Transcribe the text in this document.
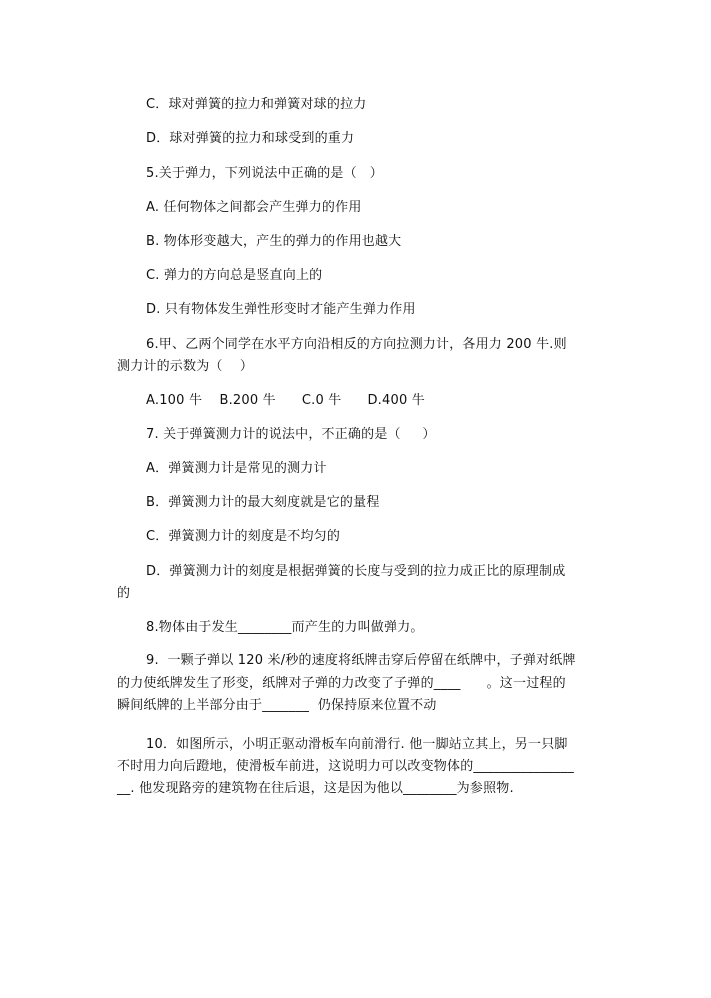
C．球对弹簧的拉力和弹簧对球的拉力
D．球对弹簧的拉力和球受到的重力
5.关于弹力，下列说法中正确的是（   ）
A. 任何物体之间都会产生弹力的作用
B. 物体形变越大，产生的弹力的作用也越大
C. 弹力的方向总是竖直向上的
D. 只有物体发生弹性形变时才能产生弹力作用
6.甲、乙两个同学在水平方向沿相反的方向拉测力计，各用力 200 牛.则
测力计的示数为（    ）
A.100 牛    B.200 牛      C.0 牛      D.400 牛
7. 关于弹簧测力计的说法中，不正确的是（     ）
A．弹簧测力计是常见的测力计
B．弹簧测力计的最大刻度就是它的量程
C．弹簧测力计的刻度是不均匀的
D．弹簧测力计的刻度是根据弹簧的长度与受到的拉力成正比的原理制成
的
8.物体由于发生________而产生的力叫做弹力。
9.  一颗子弹以 120 米/秒的速度将纸牌击穿后停留在纸牌中，子弹对纸牌
的力使纸牌发生了形变，纸牌对子弹的力改变了子弹的____      。这一过程的
瞬间纸牌的上半部分由于_______  仍保持原来位置不动
10．如图所示，小明正驱动滑板车向前滑行. 他一脚站立其上，另一只脚
不时用力向后蹬地，使滑板车前进，这说明力可以改变物体的_______________
__. 他发现路旁的建筑物在往后退，这是因为他以________为参照物.
